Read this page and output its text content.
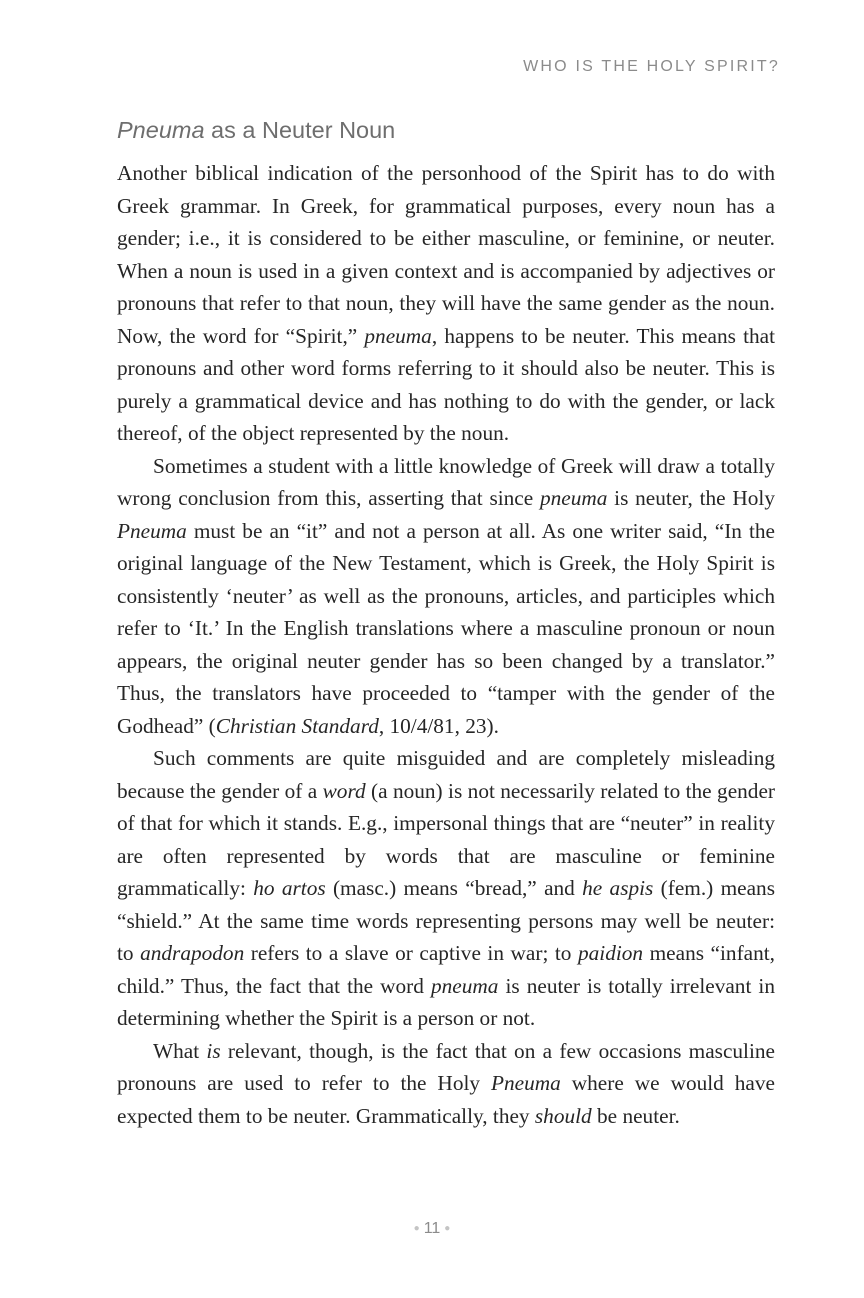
WHO IS THE HOLY SPIRIT?
Pneuma as a Neuter Noun

Another biblical indication of the personhood of the Spirit has to do with Greek grammar. In Greek, for grammatical purposes, every noun has a gender; i.e., it is considered to be either masculine, or feminine, or neuter. When a noun is used in a given context and is accompanied by adjectives or pronouns that refer to that noun, they will have the same gender as the noun. Now, the word for “Spirit,” pneuma, happens to be neuter. This means that pronouns and other word forms referring to it should also be neuter. This is purely a grammatical device and has nothing to do with the gender, or lack thereof, of the object represented by the noun.

Sometimes a student with a little knowledge of Greek will draw a totally wrong conclusion from this, asserting that since pneuma is neuter, the Holy Pneuma must be an “it” and not a person at all. As one writer said, “In the original language of the New Testament, which is Greek, the Holy Spirit is consistently ‘neuter’ as well as the pronouns, articles, and participles which refer to ‘It.’ In the English translations where a masculine pronoun or noun appears, the original neuter gender has so been changed by a translator.” Thus, the translators have proceeded to “tamper with the gender of the Godhead” (Christian Standard, 10/4/81, 23).

Such comments are quite misguided and are completely misleading because the gender of a word (a noun) is not necessarily related to the gender of that for which it stands. E.g., impersonal things that are “neuter” in reality are often represented by words that are masculine or feminine grammatically: ho artos (masc.) means “bread,” and he aspis (fem.) means “shield.” At the same time words representing persons may well be neuter: to andrapodon refers to a slave or captive in war; to paidion means “infant, child.” Thus, the fact that the word pneuma is neuter is totally irrelevant in determining whether the Spirit is a person or not.

What is relevant, though, is the fact that on a few occasions masculine pronouns are used to refer to the Holy Pneuma where we would have expected them to be neuter. Grammatically, they should be neuter.

● 11 ●
